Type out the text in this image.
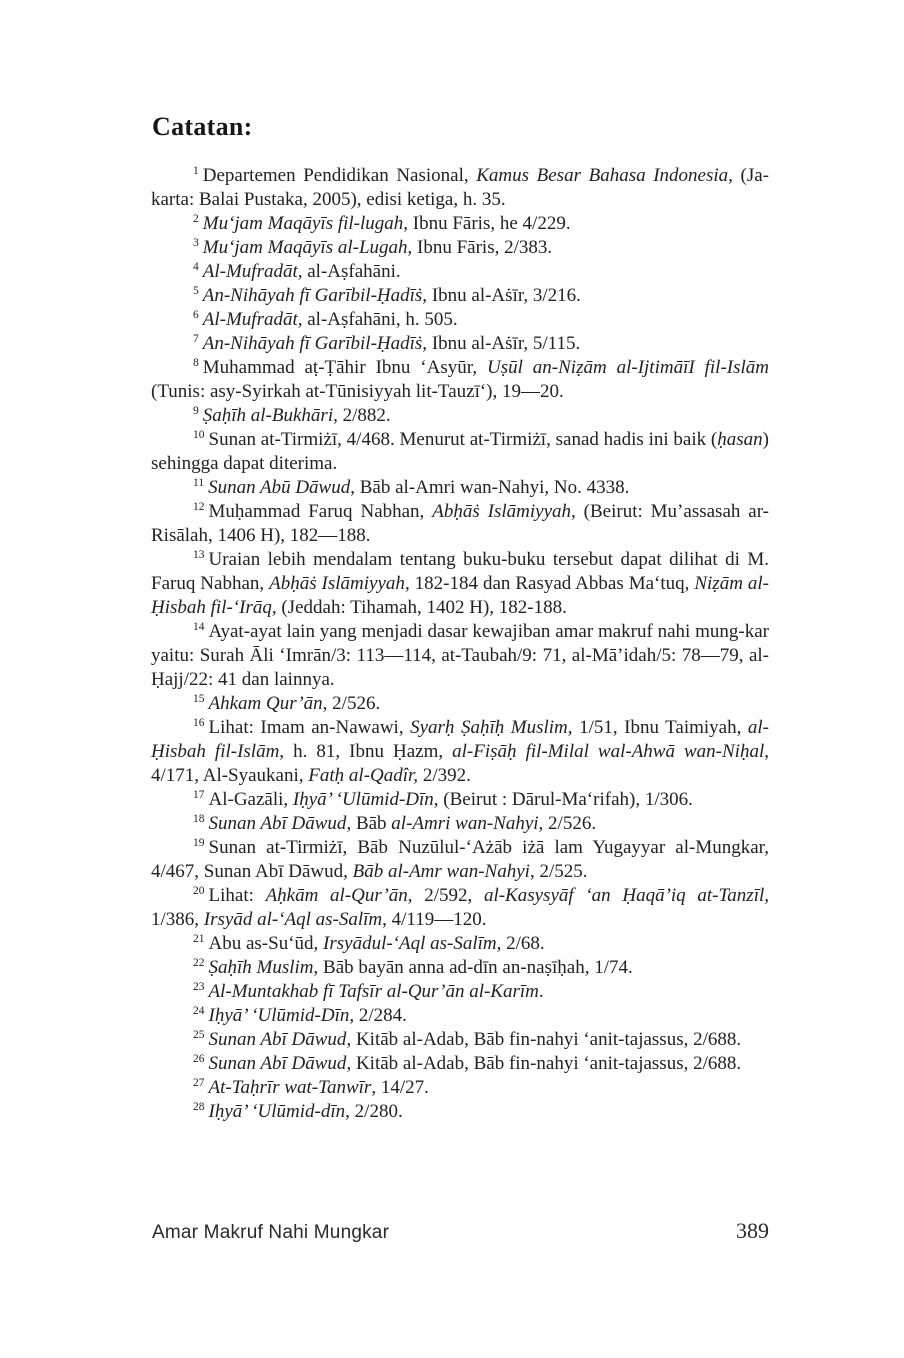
Catatan:

$^1$ Departemen Pendidikan Nasional, Kamus Besar Bahasa Indonesia, (Ja-karta: Balai Pustaka, 2005), edisi ketiga, h. 35.

$^2$ Mu‘jam Maqāyīs fil-lugah, Ibnu Fāris, he 4/229.

$^3$ Mu‘jam Maqāyīs al-Lugah, Ibnu Fāris, 2/383.

$^4$ Al-Mufradāt, al-Aṣfahāni.

$^5$ An-Nihāyah fī Garībil-Ḥadīṡ, Ibnu al-Aṡīr, 3/216.

$^6$ Al-Mufradāt, al-Aṣfahāni, h. 505.

$^7$ An-Nihāyah fī Garībil-Ḥadīṡ, Ibnu al-Aṡīr, 5/115.

$^8$ Muhammad aṭ-Ṭāhir Ibnu ‘Asyūr, Uṣūl an-Niẓām al-IjtimāīI fil-Islām (Tunis: asy-Syirkah at-Tūnisiyyah lit-Tauzī‘), 19—20.

$^9$ Ṣaḥīh al-Bukhāri, 2/882.

$^{10}$ Sunan at-Tirmiżī, 4/468. Menurut at-Tirmiżī, sanad hadis ini baik (ḥasan) sehingga dapat diterima.

$^{11}$ Sunan Abū Dāwud, Bāb al-Amri wan-Nahyi, No. 4338.

$^{12}$ Muḥammad Faruq Nabhan, Abḥāṡ Islāmiyyah, (Beirut: Mu’assasah ar-Risālah, 1406 H), 182—188.

$^{13}$ Uraian lebih mendalam tentang buku-buku tersebut dapat dilihat di M. Faruq Nabhan, Abḥāṡ Islāmiyyah, 182-184 dan Rasyad Abbas Ma‘tuq, Niẓām al-Ḥisbah fil-‘Irāq, (Jeddah: Tihamah, 1402 H), 182-188.

$^{14}$ Ayat-ayat lain yang menjadi dasar kewajiban amar makruf nahi mung-kar yaitu: Surah Āli ‘Imrān/3: 113—114, at-Taubah/9: 71, al-Mā’idah/5: 78—79, al-Ḥajj/22: 41 dan lainnya.

$^{15}$ Ahkam Qur’ān, 2/526.

$^{16}$ Lihat: Imam an-Nawawi, Syarḥ Ṣaḥīḥ Muslim, 1/51, Ibnu Taimiyah, al-Ḥisbah fil-Islām, h. 81, Ibnu Ḥazm, al-Fiṣāḥ fil-Milal wal-Ahwā wan-Niḥal, 4/171, Al-Syaukani, Fatḥ al-Qadîr, 2/392.

$^{17}$ Al-Gazāli, Iḥyā’ ‘Ulūmid-Dīn, (Beirut : Dārul-Ma‘rifah), 1/306.

$^{18}$ Sunan Abī Dāwud, Bāb al-Amri wan-Nahyi, 2/526.

$^{19}$ Sunan at-Tirmiżī, Bāb Nuzūlul-‘Ażāb iżā lam Yugayyar al-Mungkar, 4/467, Sunan Abī Dāwud, Bāb al-Amr wan-Nahyi, 2/525.

$^{20}$ Lihat: Aḥkām al-Qur’ān, 2/592, al-Kasysyāf ‘an Ḥaqā’iq at-Tanzīl, 1/386, Irsyād al-‘Aql as-Salīm, 4/119—120.

$^{21}$ Abu as-Su‘ūd, Irsyādul-‘Aql as-Salīm, 2/68.

$^{22}$ Ṣaḥīh Muslim, Bāb bayān anna ad-dīn an-naṣīḥah, 1/74.

$^{23}$ Al-Muntakhab fī Tafsīr al-Qur’ān al-Karīm.

$^{24}$ Iḥyā’ ‘Ulūmid-Dīn, 2/284.

$^{25}$ Sunan Abī Dāwud, Kitāb al-Adab, Bāb fin-nahyi ‘anit-tajassus, 2/688.

$^{26}$ Sunan Abī Dāwud, Kitāb al-Adab, Bāb fin-nahyi ‘anit-tajassus, 2/688.

$^{27}$ At-Taḥrīr wat-Tanwīr, 14/27.

$^{28}$ Iḥyā’ ‘Ulūmid-dīn, 2/280.

Amar Makruf Nahi Mungkar	389
